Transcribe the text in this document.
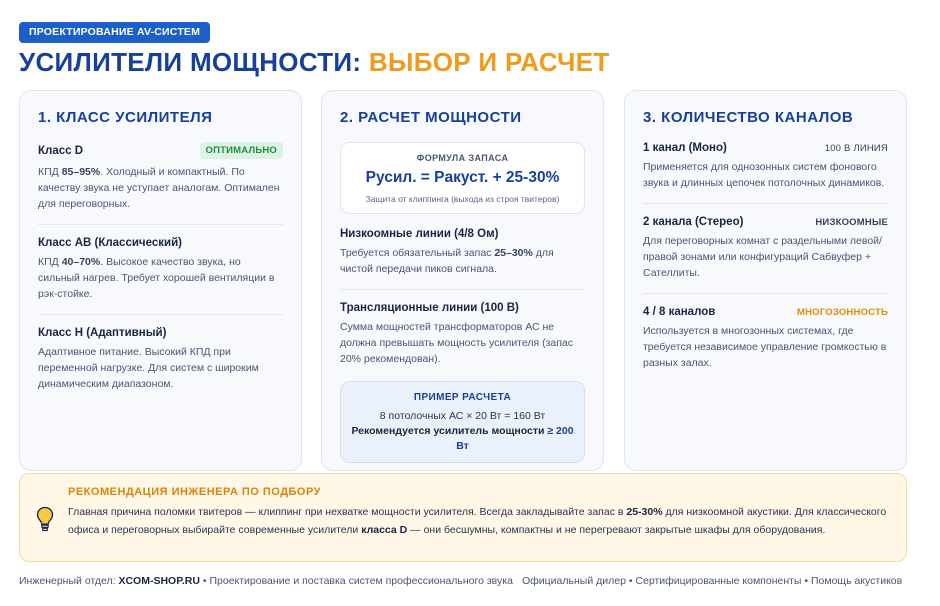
ПРОЕКТИРОВАНИЕ AV-СИСТЕМ
УСИЛИТЕЛИ МОЩНОСТИ: ВЫБОР И РАСЧЕТ
1. КЛАСС УСИЛИТЕЛЯ
Класс D	ОПТИМАЛЬНО
КПД 85–95%. Холодный и компактный. По качеству звука не уступает аналогам. Оптимален для переговорных.
Класс AB (Классический)
КПД 40–70%. Высокое качество звука, но сильный нагрев. Требует хорошей вентиляции в рэк-стойке.
Класс H (Адаптивный)
Адаптивное питание. Высокий КПД при переменной нагрузке. Для систем с широким динамическим диапазоном.
2. РАСЧЕТ МОЩНОСТИ
ФОРМУЛА ЗАПАСА
Pусил. = Pакуст. + 25-30%
Защита от клиппинга (выхода из строя твитеров)
Низкоомные линии (4/8 Ом)
Требуется обязательный запас 25–30% для чистой передачи пиков сигнала.
Трансляционные линии (100 В)
Сумма мощностей трансформаторов АС не должна превышать мощность усилителя (запас 20% рекомендован).
ПРИМЕР РАСЧЕТА
8 потолочных АС × 20 Вт = 160 Вт
Рекомендуется усилитель мощности ≥ 200 Вт
3. КОЛИЧЕСТВО КАНАЛОВ
1 канал (Моно)	100 В ЛИНИЯ
Применяется для однозонных систем фонового звука и длинных цепочек потолочных динамиков.
2 канала (Стерео)	НИЗКООМНЫЕ
Для переговорных комнат с раздельными левой/правой зонами или конфигураций Сабвуфер + Сателлиты.
4 / 8 каналов	МНОГОЗОННОСТЬ
Используется в многозонных системах, где требуется независимое управление громкостью в разных залах.
РЕКОМЕНДАЦИЯ ИНЖЕНЕРА ПО ПОДБОРУ
Главная причина поломки твитеров — клиппинг при нехватке мощности усилителя. Всегда закладывайте запас в 25-30% для низкоомной акустики. Для классического офиса и переговорных выбирайте современные усилители класса D — они бесшумны, компактны и не перегревают закрытые шкафы для оборудования.
Инженерный отдел: XCOM-SHOP.RU • Проектирование и поставка систем профессионального звука Официальный дилер • Сертифицированные компоненты • Помощь акустиков
